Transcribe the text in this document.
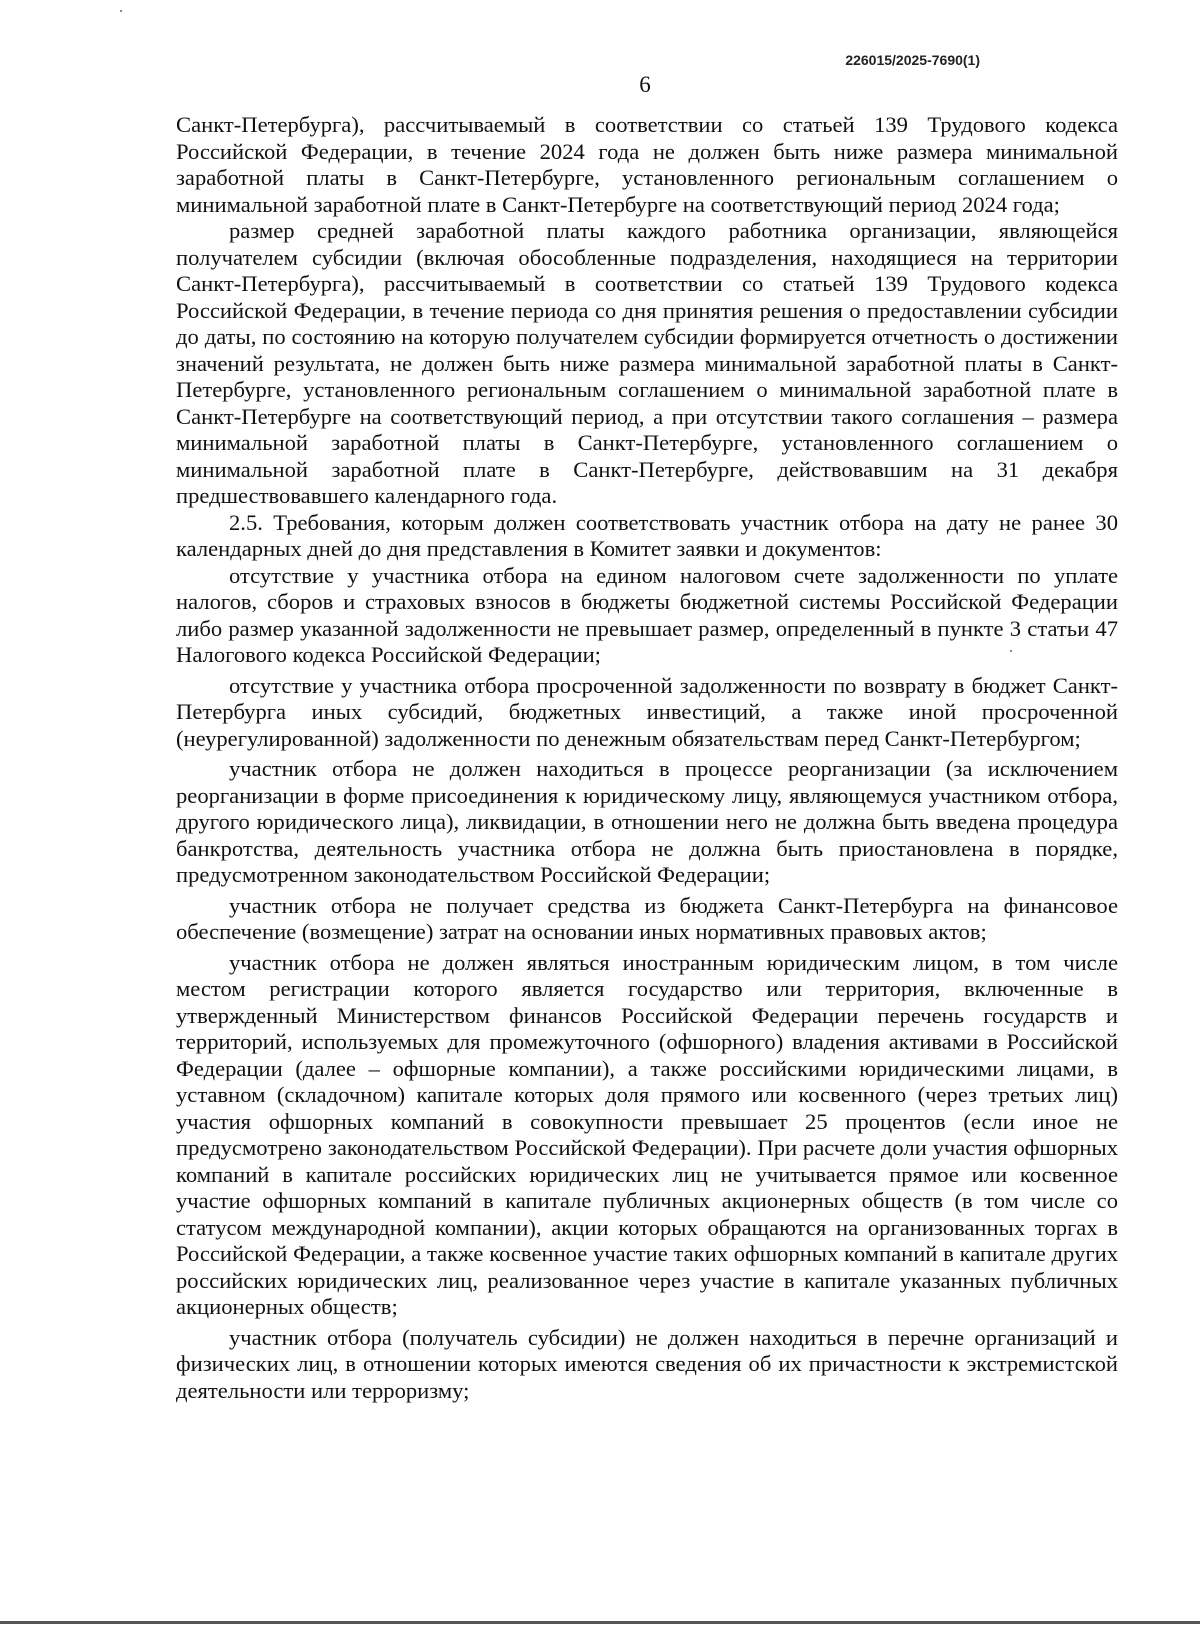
226015/2025-7690(1)
6

Санкт-Петербурга), рассчитываемый в соответствии со статьей 139 Трудового кодекса Российской Федерации, в течение 2024 года не должен быть ниже размера минимальной заработной платы в Санкт-Петербурге, установленного региональным соглашением о минимальной заработной плате в Санкт-Петербурге на соответствующий период 2024 года;

размер средней заработной платы каждого работника организации, являющейся получателем субсидии (включая обособленные подразделения, находящиеся на территории Санкт-Петербурга), рассчитываемый в соответствии со статьей 139 Трудового кодекса Российской Федерации, в течение периода со дня принятия решения о предоставлении субсидии до даты, по состоянию на которую получателем субсидии формируется отчетность о достижении значений результата, не должен быть ниже размера минимальной заработной платы в Санкт-Петербурге, установленного региональным соглашением о минимальной заработной плате в Санкт-Петербурге на соответствующий период, а при отсутствии такого соглашения – размера минимальной заработной платы в Санкт-Петербурге, установленного соглашением о минимальной заработной плате в Санкт-Петербурге, действовавшим на 31 декабря предшествовавшего календарного года.

2.5. Требования, которым должен соответствовать участник отбора на дату не ранее 30 календарных дней до дня представления в Комитет заявки и документов:

отсутствие у участника отбора на едином налоговом счете задолженности по уплате налогов, сборов и страховых взносов в бюджеты бюджетной системы Российской Федерации либо размер указанной задолженности не превышает размер, определенный в пункте 3 статьи 47 Налогового кодекса Российской Федерации;

отсутствие у участника отбора просроченной задолженности по возврату в бюджет Санкт-Петербурга иных субсидий, бюджетных инвестиций, а также иной просроченной (неурегулированной) задолженности по денежным обязательствам перед Санкт-Петербургом;

участник отбора не должен находиться в процессе реорганизации (за исключением реорганизации в форме присоединения к юридическому лицу, являющемуся участником отбора, другого юридического лица), ликвидации, в отношении него не должна быть введена процедура банкротства, деятельность участника отбора не должна быть приостановлена в порядке, предусмотренном законодательством Российской Федерации;

участник отбора не получает средства из бюджета Санкт-Петербурга на финансовое обеспечение (возмещение) затрат на основании иных нормативных правовых актов;

участник отбора не должен являться иностранным юридическим лицом, в том числе местом регистрации которого является государство или территория, включенные в утвержденный Министерством финансов Российской Федерации перечень государств и территорий, используемых для промежуточного (офшорного) владения активами в Российской Федерации (далее – офшорные компании), а также российскими юридическими лицами, в уставном (складочном) капитале которых доля прямого или косвенного (через третьих лиц) участия офшорных компаний в совокупности превышает 25 процентов (если иное не предусмотрено законодательством Российской Федерации). При расчете доли участия офшорных компаний в капитале российских юридических лиц не учитывается прямое или косвенное участие офшорных компаний в капитале публичных акционерных обществ (в том числе со статусом международной компании), акции которых обращаются на организованных торгах в Российской Федерации, а также косвенное участие таких офшорных компаний в капитале других российских юридических лиц, реализованное через участие в капитале указанных публичных акционерных обществ;

участник отбора (получатель субсидии) не должен находиться в перечне организаций и физических лиц, в отношении которых имеются сведения об их причастности к экстремистской деятельности или терроризму;
